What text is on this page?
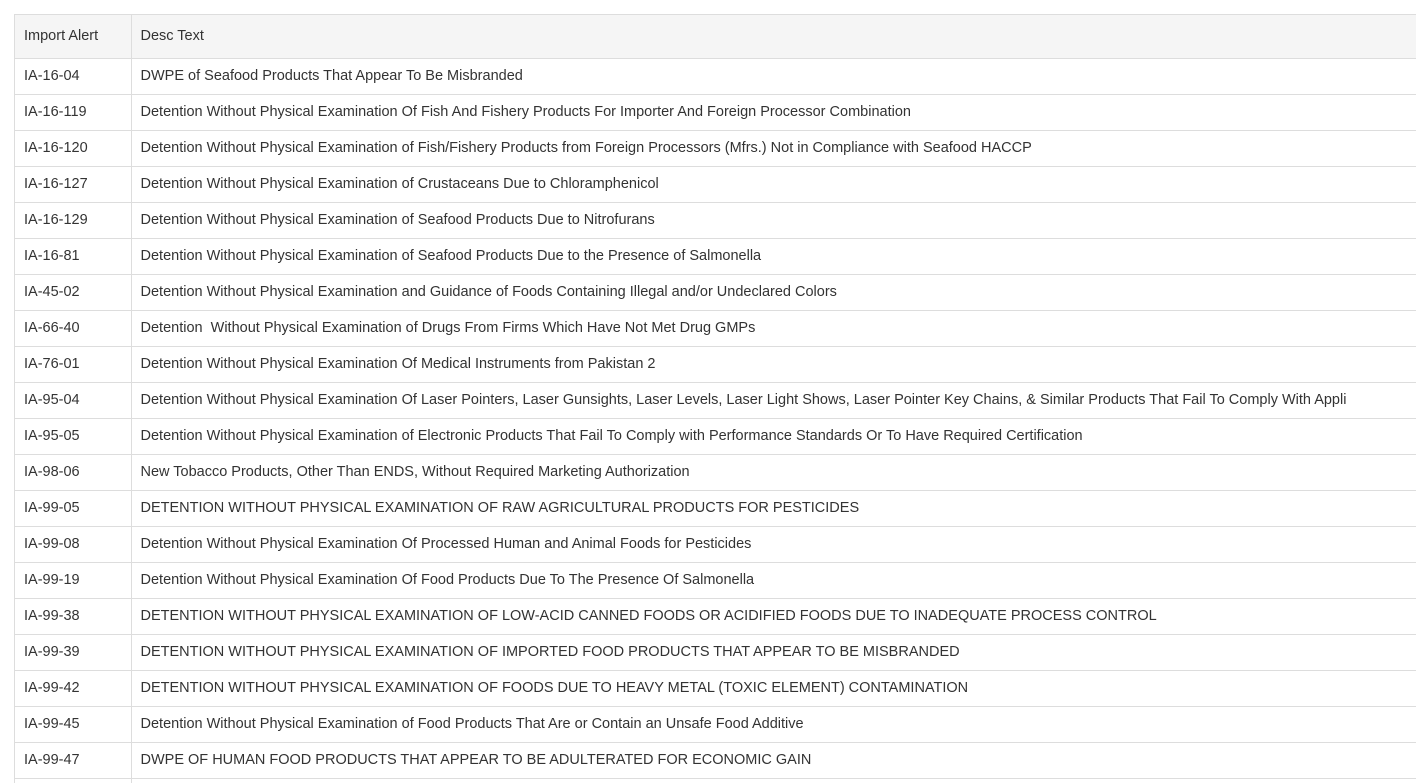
Import Alert	Desc Text
IA-16-04	DWPE of Seafood Products That Appear To Be Misbranded
IA-16-119	Detention Without Physical Examination Of Fish And Fishery Products For Importer And Foreign Processor Combination
IA-16-120	Detention Without Physical Examination of Fish/Fishery Products from Foreign Processors (Mfrs.) Not in Compliance with Seafood HACCP
IA-16-127	Detention Without Physical Examination of Crustaceans Due to Chloramphenicol
IA-16-129	Detention Without Physical Examination of Seafood Products Due to Nitrofurans
IA-16-81	Detention Without Physical Examination of Seafood Products Due to the Presence of Salmonella
IA-45-02	Detention Without Physical Examination and Guidance of Foods Containing Illegal and/or Undeclared Colors
IA-66-40	Detention  Without Physical Examination of Drugs From Firms Which Have Not Met Drug GMPs
IA-76-01	Detention Without Physical Examination Of Medical Instruments from Pakistan 2
IA-95-04	Detention Without Physical Examination Of Laser Pointers, Laser Gunsights, Laser Levels, Laser Light Shows, Laser Pointer Key Chains, & Similar Products That Fail To Comply With Appli
IA-95-05	Detention Without Physical Examination of Electronic Products That Fail To Comply with Performance Standards Or To Have Required Certification
IA-98-06	New Tobacco Products, Other Than ENDS, Without Required Marketing Authorization
IA-99-05	DETENTION WITHOUT PHYSICAL EXAMINATION OF RAW AGRICULTURAL PRODUCTS FOR PESTICIDES
IA-99-08	Detention Without Physical Examination Of Processed Human and Animal Foods for Pesticides
IA-99-19	Detention Without Physical Examination Of Food Products Due To The Presence Of Salmonella
IA-99-38	DETENTION WITHOUT PHYSICAL EXAMINATION OF LOW-ACID CANNED FOODS OR ACIDIFIED FOODS DUE TO INADEQUATE PROCESS CONTROL
IA-99-39	DETENTION WITHOUT PHYSICAL EXAMINATION OF IMPORTED FOOD PRODUCTS THAT APPEAR TO BE MISBRANDED
IA-99-42	DETENTION WITHOUT PHYSICAL EXAMINATION OF FOODS DUE TO HEAVY METAL (TOXIC ELEMENT) CONTAMINATION
IA-99-45	Detention Without Physical Examination of Food Products That Are or Contain an Unsafe Food Additive
IA-99-47	DWPE OF HUMAN FOOD PRODUCTS THAT APPEAR TO BE ADULTERATED FOR ECONOMIC GAIN
